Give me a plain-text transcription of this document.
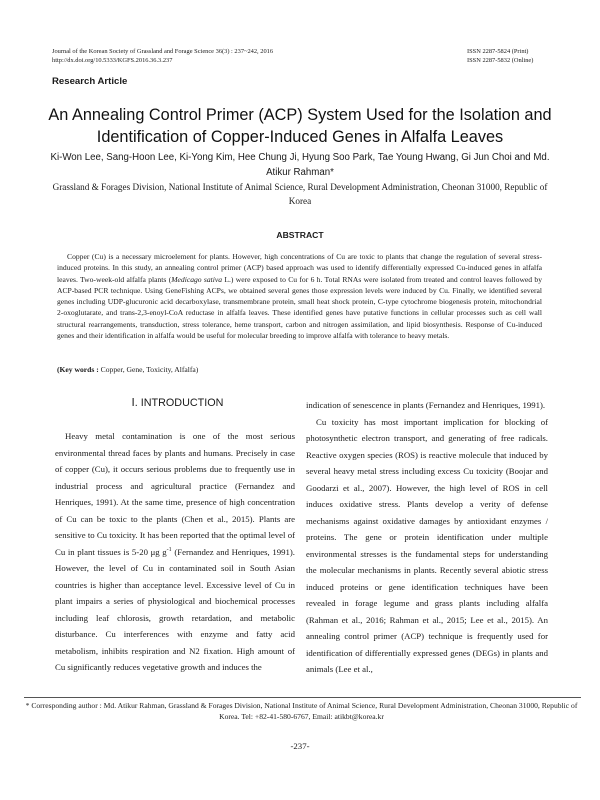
Journal of the Korean Society of Grassland and Forage Science 36(3) : 237~242, 2016
http://dx.doi.org/10.5333/KGFS.2016.36.3.237
ISSN 2287-5824 (Print)
ISSN 2287-5832 (Online)
Research Article
An Annealing Control Primer (ACP) System Used for the Isolation and
Identification of Copper-Induced Genes in Alfalfa Leaves
Ki-Won Lee, Sang-Hoon Lee, Ki-Yong Kim, Hee Chung Ji, Hyung Soo Park, Tae Young Hwang, Gi Jun Choi and Md. Atikur Rahman*
Grassland & Forages Division, National Institute of Animal Science, Rural Development Administration, Cheonan 31000, Republic of Korea
ABSTRACT
Copper (Cu) is a necessary microelement for plants. However, high concentrations of Cu are toxic to plants that change the regulation of several stress-induced proteins. In this study, an annealing control primer (ACP) based approach was used to identify differentially expressed Cu-induced genes in alfalfa leaves. Two-week-old alfalfa plants (Medicago sativa L.) were exposed to Cu for 6 h. Total RNAs were isolated from treated and control leaves followed by ACP-based PCR technique. Using GeneFishing ACPs, we obtained several genes those expression levels were induced by Cu. Finally, we identified several genes including UDP-glucuronic acid decarboxylase, transmembrane protein, small heat shock protein, C-type cytochrome biogenesis protein, mitochondrial 2-oxoglutarate, and trans-2,3-enoyl-CoA reductase in alfalfa leaves. These identified genes have putative functions in cellular processes such as cell wall structural rearrangements, transduction, stress tolerance, heme transport, carbon and nitrogen assimilation, and lipid biosynthesis. Response of Cu-induced genes and their identification in alfalfa would be useful for molecular breeding to improve alfalfa with tolerance to heavy metals.
(Key words : Copper, Gene, Toxicity, Alfalfa)
Ⅰ. INTRODUCTION
Heavy metal contamination is one of the most serious environmental thread faces by plants and humans. Precisely in case of copper (Cu), it occurs serious problems due to frequently use in industrial process and agricultural practice (Fernandez and Henriques, 1991). At the same time, presence of high concentration of Cu can be toxic to the plants (Chen et al., 2015). Plants are sensitive to Cu toxicity. It has been reported that the optimal level of Cu in plant tissues is 5-20 μg $g^{-1}$ (Fernandez and Henriques, 1991). However, the level of Cu in contaminated soil in South Asian countries is higher than acceptance level. Excessive level of Cu in plant impairs a series of physiological and biochemical processes including leaf chlorosis, growth retardation, and metabolic disturbance. Cu interferences with enzyme and fatty acid metabolism, inhibits respiration and N2 fixation. High amount of Cu significantly reduces vegetative growth and induces the

indication of senescence in plants (Fernandez and Henriques, 1991).

Cu toxicity has most important implication for blocking of photosynthetic electron transport, and generating of free radicals. Reactive oxygen species (ROS) is reactive molecule that induced by several heavy metal stress including excess Cu toxicity (Boojar and Goodarzi et al., 2007). However, the high level of ROS in cell induces oxidative stress. Plants develop a verity of defense mechanisms against oxidative damages by antioxidant enzymes / proteins. The gene or protein identification under multiple environmental stresses is the fundamental steps for understanding the molecular mechanisms in plants. Recently several abiotic stress induced proteins or gene identification techniques have been revealed in forage legume and grass plants including alfalfa (Rahman et al., 2016; Rahman et al., 2015; Lee et al., 2015). An annealing control primer (ACP) technique is frequently used for identification of differentially expressed genes (DEGs) in plants and animals (Lee et al.,

* Corresponding author : Md. Atikur Rahman, Grassland & Forages Division, National Institute of Animal Science, Rural Development Administration, Cheonan 31000, Republic of Korea. Tel: +82-41-580-6767, Email: atikbt@korea.kr
-237-
